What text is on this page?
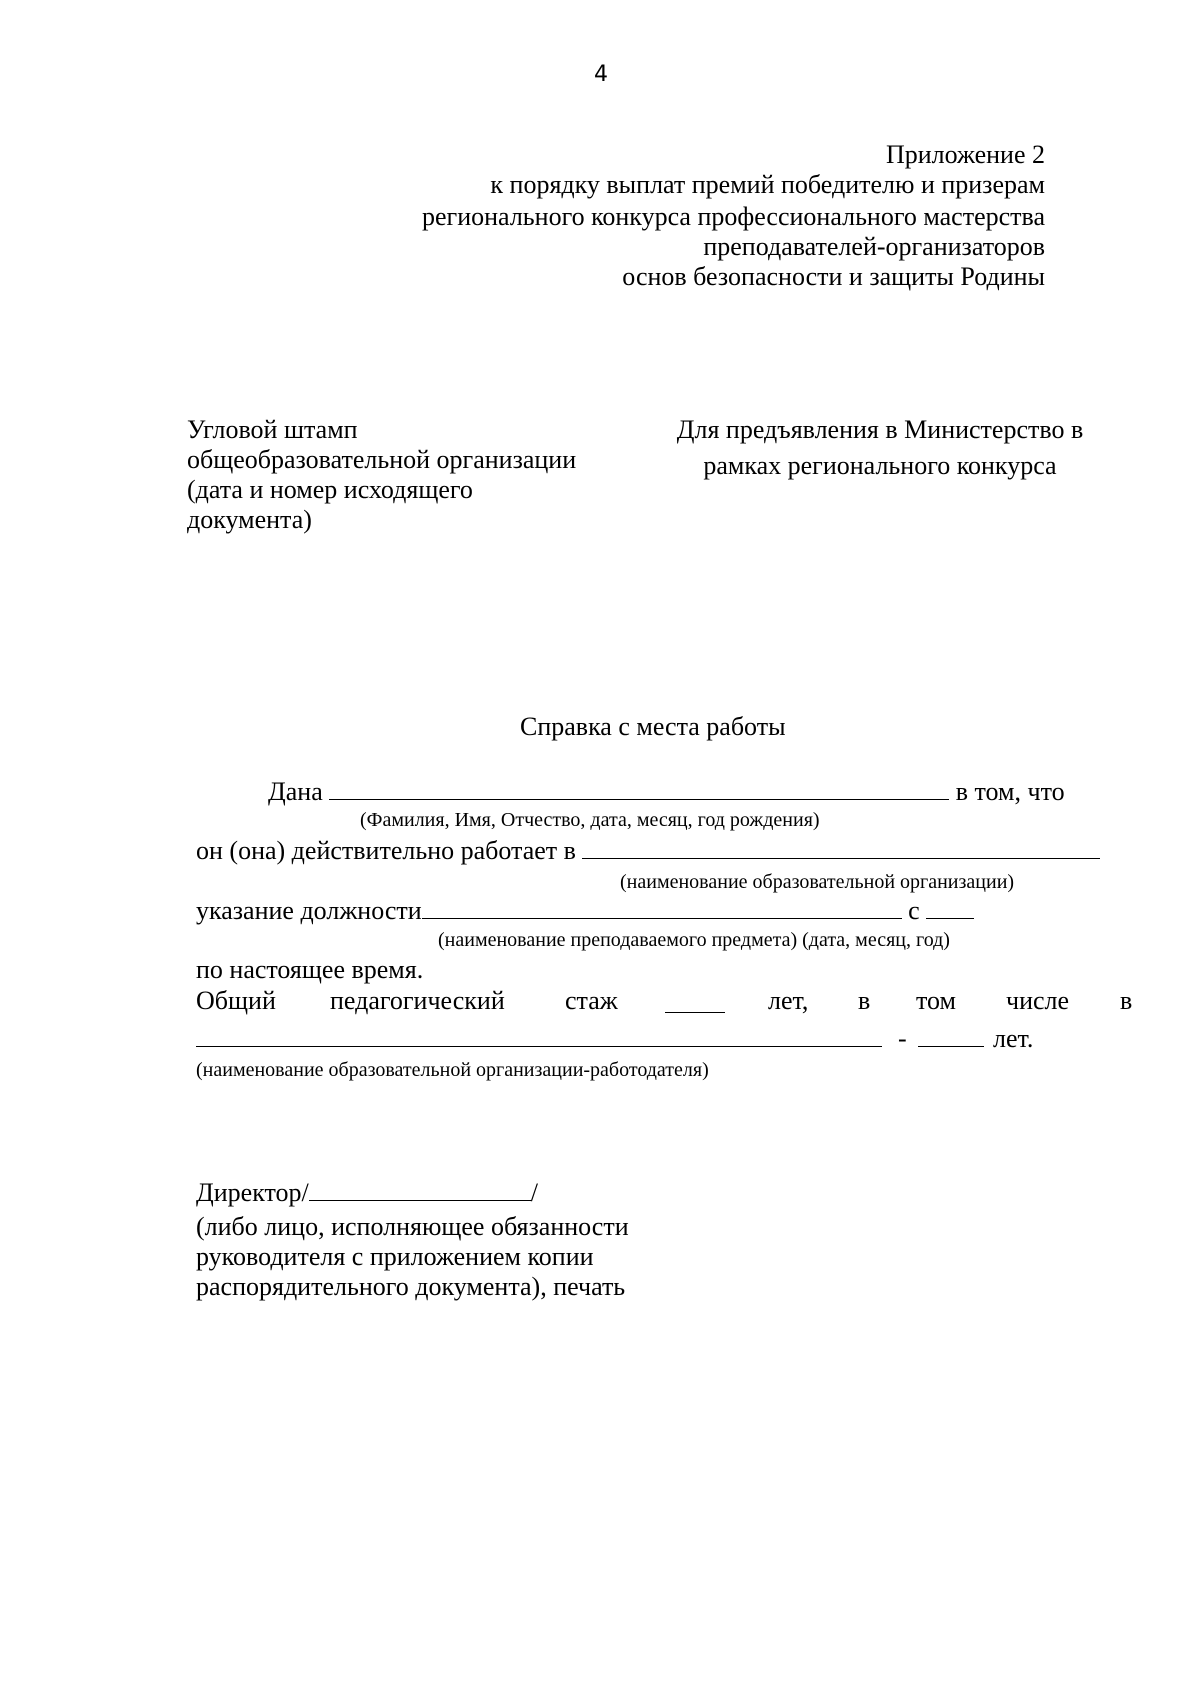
4
Приложение 2
к порядку выплат премий победителю и призерам
регионального конкурса профессионального мастерства
преподавателей-организаторов
основ безопасности и защиты Родины
Угловой штамп
общеобразовательной организации
(дата и номер исходящего
документа)
Для предъявления в Министерство в
рамках регионального конкурса
Справка с места работы
Дана	в том, что
(Фамилия, Имя, Отчество, дата, месяц, год рождения)
он (она) действительно работает в
(наименование образовательной организации)
указание должности	с
(наименование преподаваемого предмета) (дата, месяц, год)
по настоящее время.
Общий педагогический стаж	лет, в том числе в
-	лет.
(наименование образовательной организации-работодателя)
Директор/	/
(либо лицо, исполняющее обязанности
руководителя с приложением копии
распорядительного документа), печать
